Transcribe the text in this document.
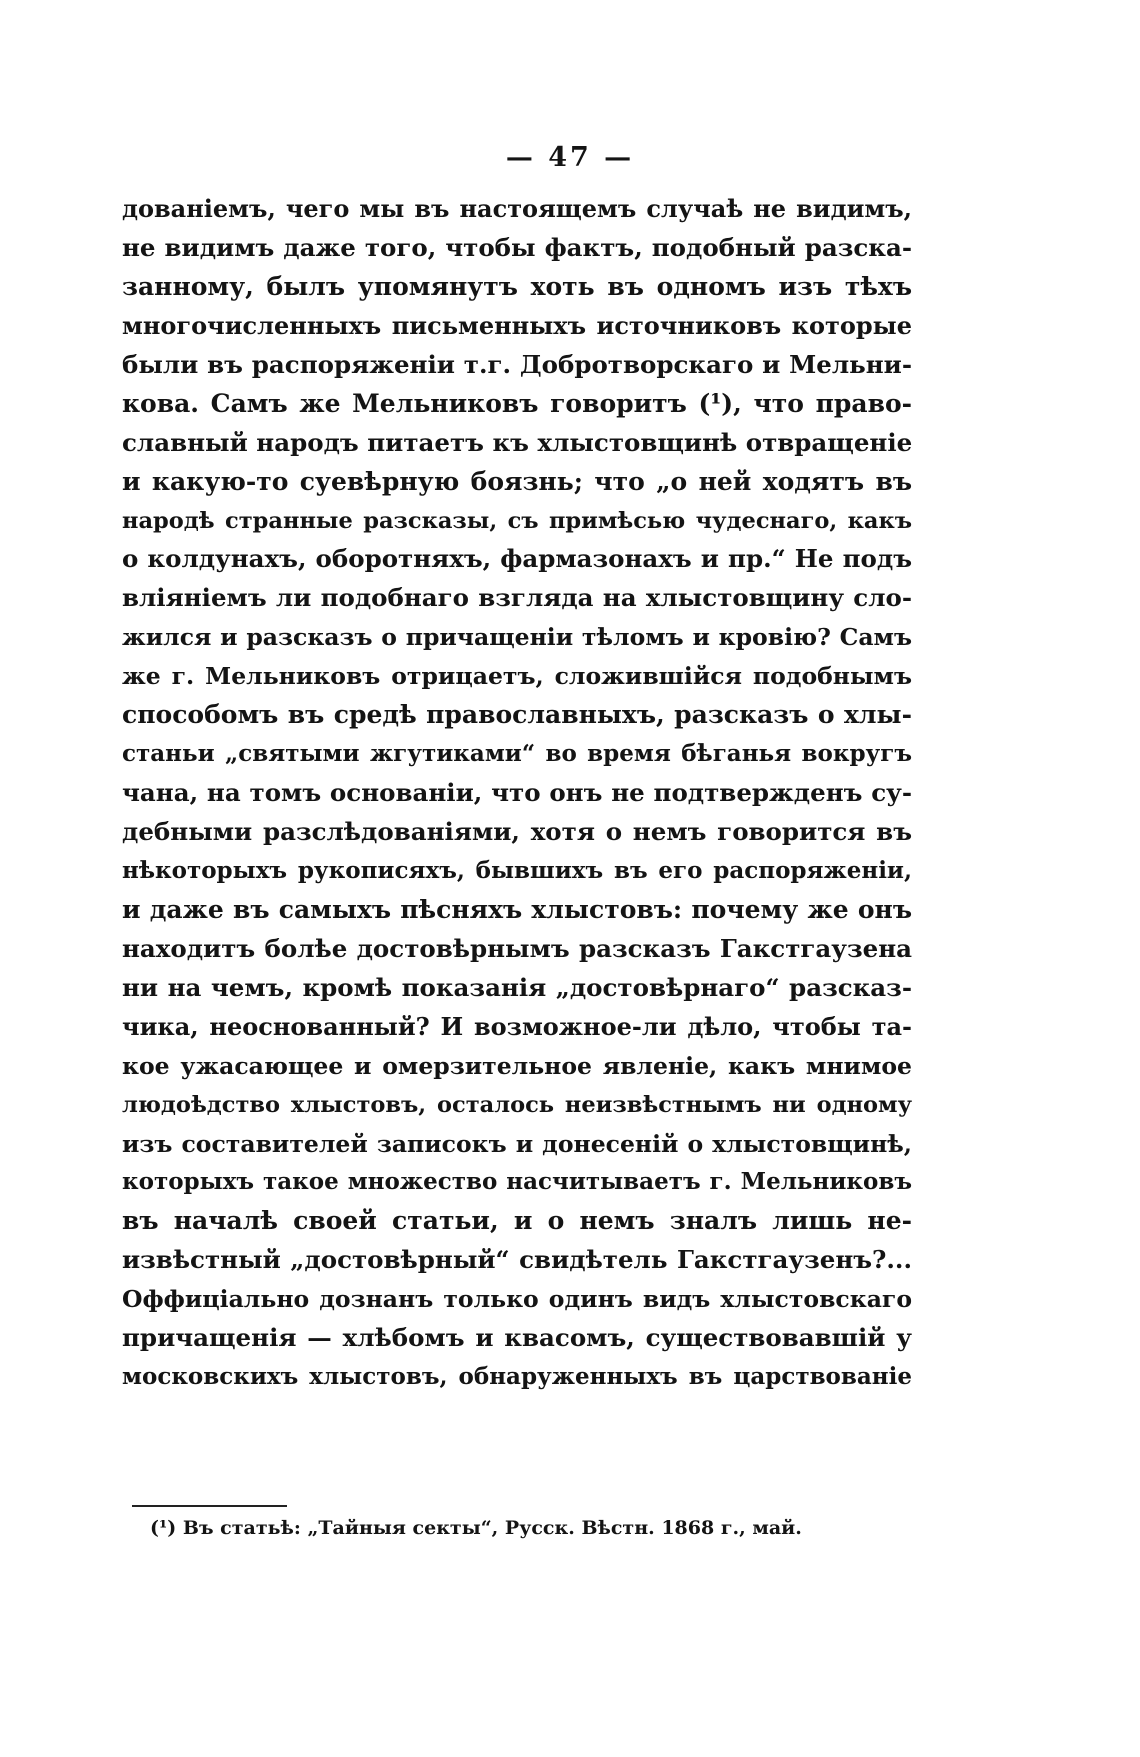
— 47 —
дованіемъ, чего мы въ настоящемъ случаѣ не видимъ,
не видимъ даже того, чтобы фактъ, подобный разска-
занному, былъ упомянутъ хоть въ одномъ изъ тѣхъ
многочисленныхъ письменныхъ источниковъ которые
были въ распоряженіи т.г. Добротворскаго и Мельни-
кова. Самъ же Мельниковъ говоритъ (¹), что право-
славный народъ питаетъ къ хлыстовщинѣ отвращеніе
и какую-то суевѣрную боязнь; что „о ней ходятъ въ
народѣ странные разсказы, съ примѣсью чудеснаго, какъ
о колдунахъ, оборотняхъ, фармазонахъ и пр.“ Не подъ
вліяніемъ ли подобнаго взгляда на хлыстовщину сло-
жился и разсказъ о причащеніи тѣломъ и кровію? Самъ
же г. Мельниковъ отрицаетъ, сложившійся подобнымъ
способомъ въ средѣ православныхъ, разсказъ о хлы-
станьи „святыми жгутиками“ во время бѣганья вокругъ
чана, на томъ основаніи, что онъ не подтвержденъ су-
дебными разслѣдованіями, хотя о немъ говорится въ
нѣкоторыхъ рукописяхъ, бывшихъ въ его распоряженіи,
и даже въ самыхъ пѣсняхъ хлыстовъ: почему же онъ
находитъ болѣе достовѣрнымъ разсказъ Гакстгаузена
ни на чемъ, кромѣ показанія „достовѣрнаго“ разсказ-
чика, неоснованный? И возможное-ли дѣло, чтобы та-
кое ужасающее и омерзительное явленіе, какъ мнимое
людоѣдство хлыстовъ, осталось неизвѣстнымъ ни одному
изъ составителей записокъ и донесеній о хлыстовщинѣ,
которыхъ такое множество насчитываетъ г. Мельниковъ
въ началѣ своей статьи, и о немъ зналъ лишь не-
извѣстный „достовѣрный“ свидѣтель Гакстгаузенъ?...
Оффиціально дознанъ только одинъ видъ хлыстовскаго
причащенія — хлѣбомъ и квасомъ, существовавшій у
московскихъ хлыстовъ, обнаруженныхъ въ царствованіе
(¹) Въ статьѣ: „Тайныя секты“, Русск. Вѣстн. 1868 г., май.
